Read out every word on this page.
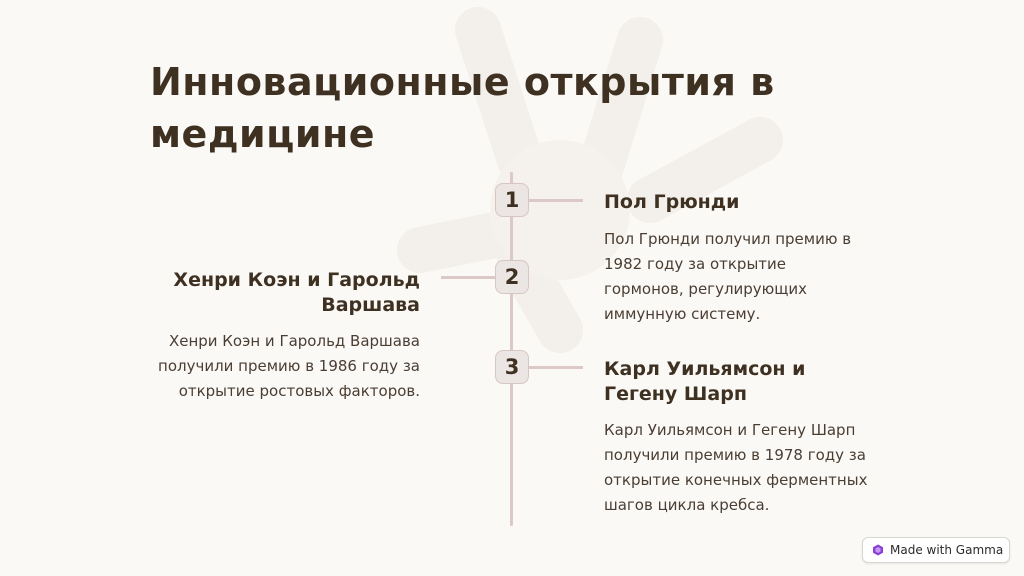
Инновационные открытия в медицине
1
2
3
Пол Грюнди

Пол Грюнди получил премию в 1982 году за открытие гормонов, регулирующих иммунную систему.

Хенри Коэн и Гарольд Варшава

Хенри Коэн и Гарольд Варшава получили премию в 1986 году за открытие ростовых факторов.

Карл Уильямсон и Гегену Шарп

Карл Уильямсон и Гегену Шарп получили премию в 1978 году за открытие конечных ферментных шагов цикла кребса.

Made with Gamma
